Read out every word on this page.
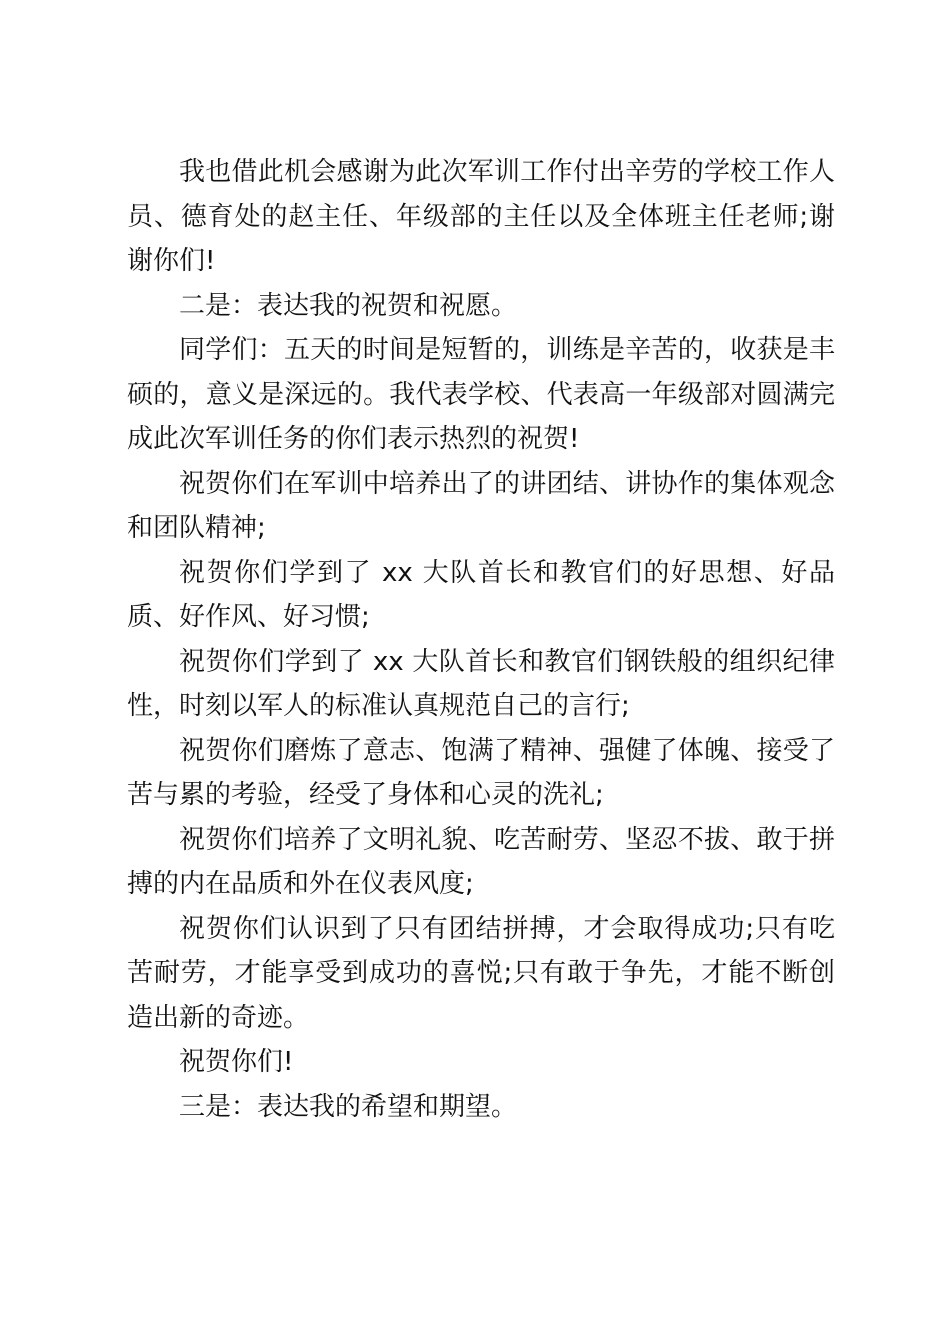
我也借此机会感谢为此次军训工作付出辛劳的学校工作人员、德育处的赵主任、年级部的主任以及全体班主任老师;谢谢你们!

二是：表达我的祝贺和祝愿。

同学们：五天的时间是短暂的，训练是辛苦的，收获是丰硕的，意义是深远的。我代表学校、代表高一年级部对圆满完成此次军训任务的你们表示热烈的祝贺!

祝贺你们在军训中培养出了的讲团结、讲协作的集体观念和团队精神;

祝贺你们学到了 xx 大队首长和教官们的好思想、好品质、好作风、好习惯;

祝贺你们学到了 xx 大队首长和教官们钢铁般的组织纪律性，时刻以军人的标准认真规范自己的言行;

祝贺你们磨炼了意志、饱满了精神、强健了体魄、接受了苦与累的考验，经受了身体和心灵的洗礼;

祝贺你们培养了文明礼貌、吃苦耐劳、坚忍不拔、敢于拼搏的内在品质和外在仪表风度;

祝贺你们认识到了只有团结拼搏，才会取得成功;只有吃苦耐劳，才能享受到成功的喜悦;只有敢于争先，才能不断创造出新的奇迹。

祝贺你们!

三是：表达我的希望和期望。
